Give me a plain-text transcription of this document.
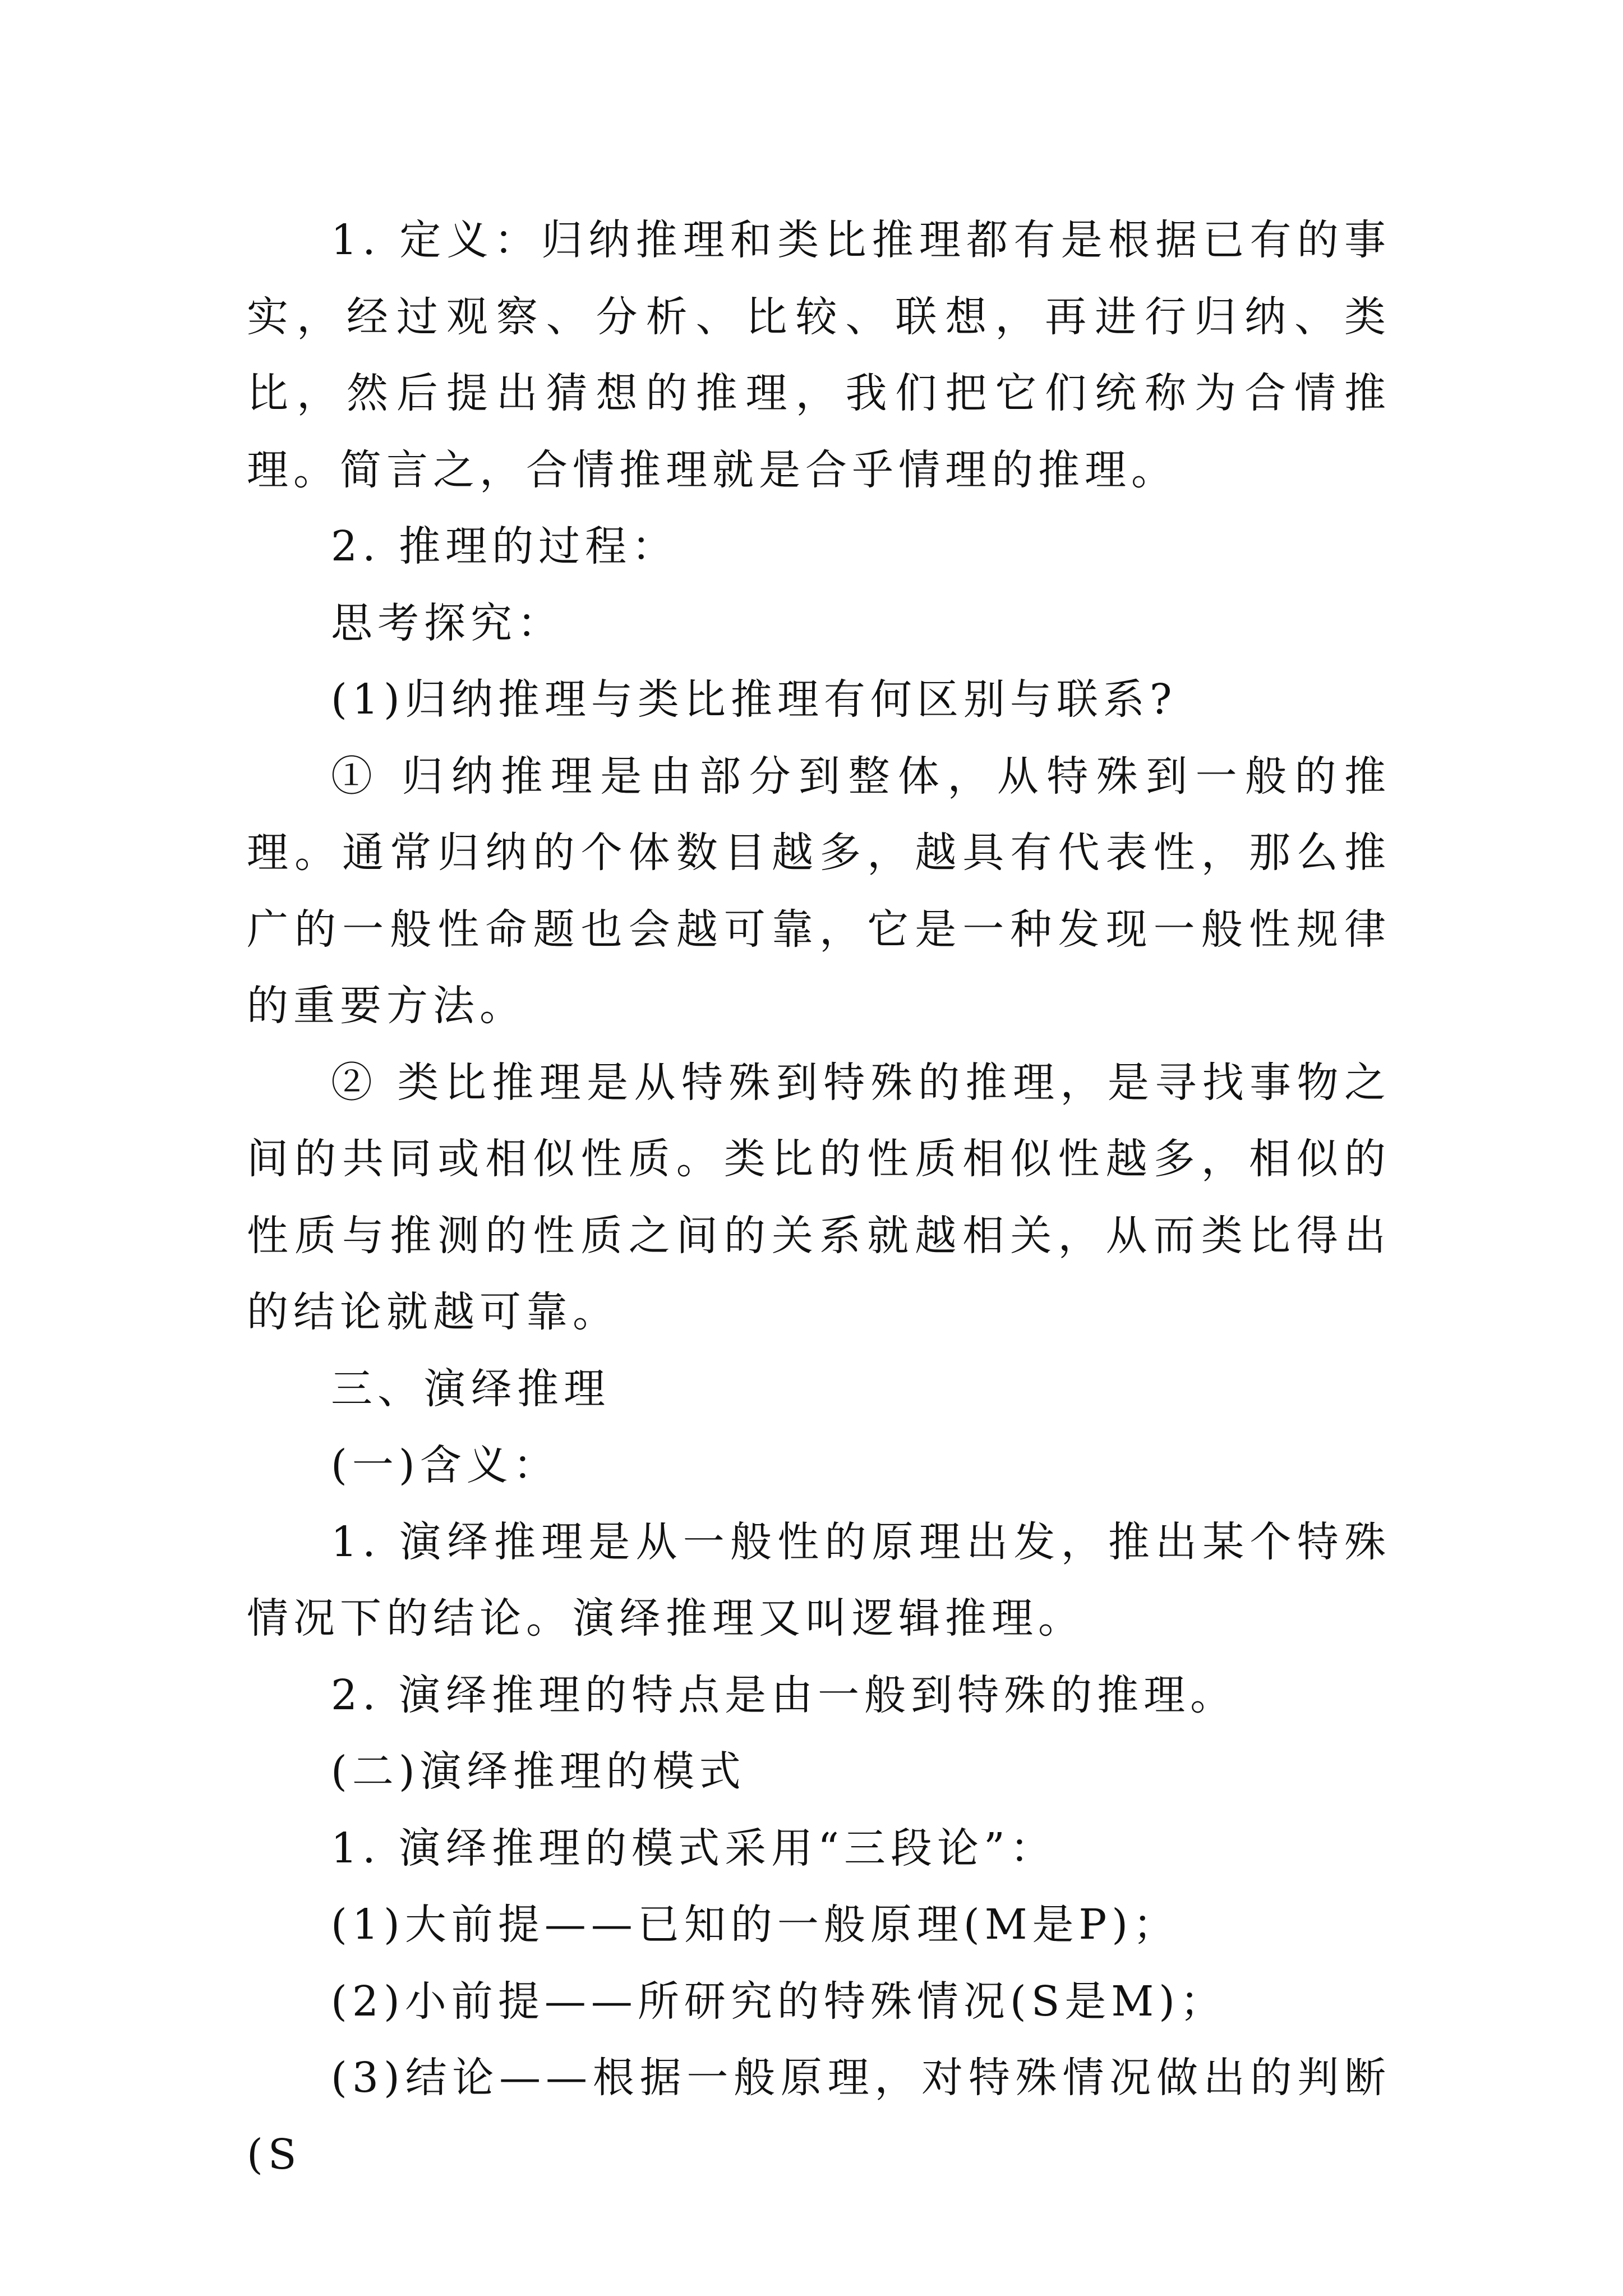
1. 定义：归纳推理和类比推理都有是根据已有的事实，经过观察、分析、比较、联想，再进行归纳、类比，然后提出猜想的推理，我们把它们统称为合情推理。简言之，合情推理就是合乎情理的推理。

2. 推理的过程：

思考探究：

(1)归纳推理与类比推理有何区别与联系?

① 归纳推理是由部分到整体，从特殊到一般的推理。通常归纳的个体数目越多，越具有代表性，那么推广的一般性命题也会越可靠，它是一种发现一般性规律的重要方法。

② 类比推理是从特殊到特殊的推理，是寻找事物之间的共同或相似性质。类比的性质相似性越多，相似的性质与推测的性质之间的关系就越相关，从而类比得出的结论就越可靠。

三、演绎推理

(一)含义：

1. 演绎推理是从一般性的原理出发，推出某个特殊情况下的结论。演绎推理又叫逻辑推理。

2. 演绎推理的特点是由一般到特殊的推理。

(二)演绎推理的模式

1. 演绎推理的模式采用“三段论”：

(1)大前提——已知的一般原理(M是P)；

(2)小前提——所研究的特殊情况(S是M)；

(3)结论——根据一般原理，对特殊情况做出的判断(S
